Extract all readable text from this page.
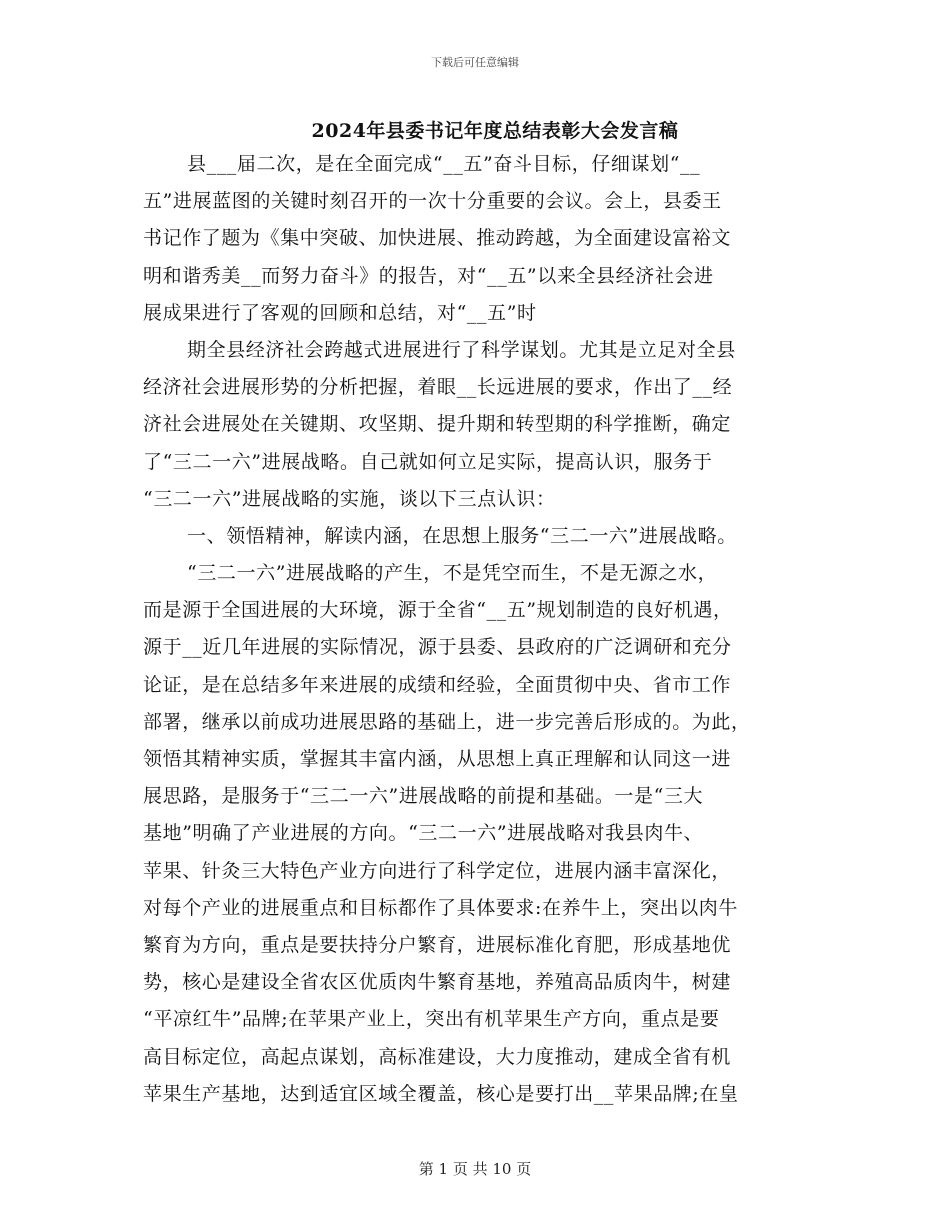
下载后可任意编辑
2024年县委书记年度总结表彰大会发言稿
县___届二次，是在全面完成“__五”奋斗目标，仔细谋划“__
五”进展蓝图的关键时刻召开的一次十分重要的会议。会上，县委王
书记作了题为《集中突破、加快进展、推动跨越，为全面建设富裕文
明和谐秀美__而努力奋斗》的报告，对“__五”以来全县经济社会进
展成果进行了客观的回顾和总结，对“__五”时
期全县经济社会跨越式进展进行了科学谋划。尤其是立足对全县
经济社会进展形势的分析把握，着眼__长远进展的要求，作出了__经
济社会进展处在关键期、攻坚期、提升期和转型期的科学推断，确定
了“三二一六”进展战略。自己就如何立足实际，提高认识，服务于
“三二一六”进展战略的实施，谈以下三点认识：
一、领悟精神，解读内涵，在思想上服务“三二一六”进展战略。
“三二一六”进展战略的产生，不是凭空而生，不是无源之水，
而是源于全国进展的大环境，源于全省“__五”规划制造的良好机遇，
源于__近几年进展的实际情况，源于县委、县政府的广泛调研和充分
论证，是在总结多年来进展的成绩和经验，全面贯彻中央、省市工作
部署，继承以前成功进展思路的基础上，进一步完善后形成的。为此，
领悟其精神实质，掌握其丰富内涵，从思想上真正理解和认同这一进
展思路，是服务于“三二一六”进展战略的前提和基础。一是“三大
基地”明确了产业进展的方向。“三二一六”进展战略对我县肉牛、
苹果、针灸三大特色产业方向进行了科学定位，进展内涵丰富深化，
对每个产业的进展重点和目标都作了具体要求:在养牛上，突出以肉牛
繁育为方向，重点是要扶持分户繁育，进展标准化育肥，形成基地优
势，核心是建设全省农区优质肉牛繁育基地，养殖高品质肉牛，树建
“平凉红牛”品牌;在苹果产业上，突出有机苹果生产方向，重点是要
高目标定位，高起点谋划，高标准建设，大力度推动，建成全省有机
苹果生产基地，达到适宜区域全覆盖，核心是要打出__苹果品牌;在皇
第 1 页 共 10 页
